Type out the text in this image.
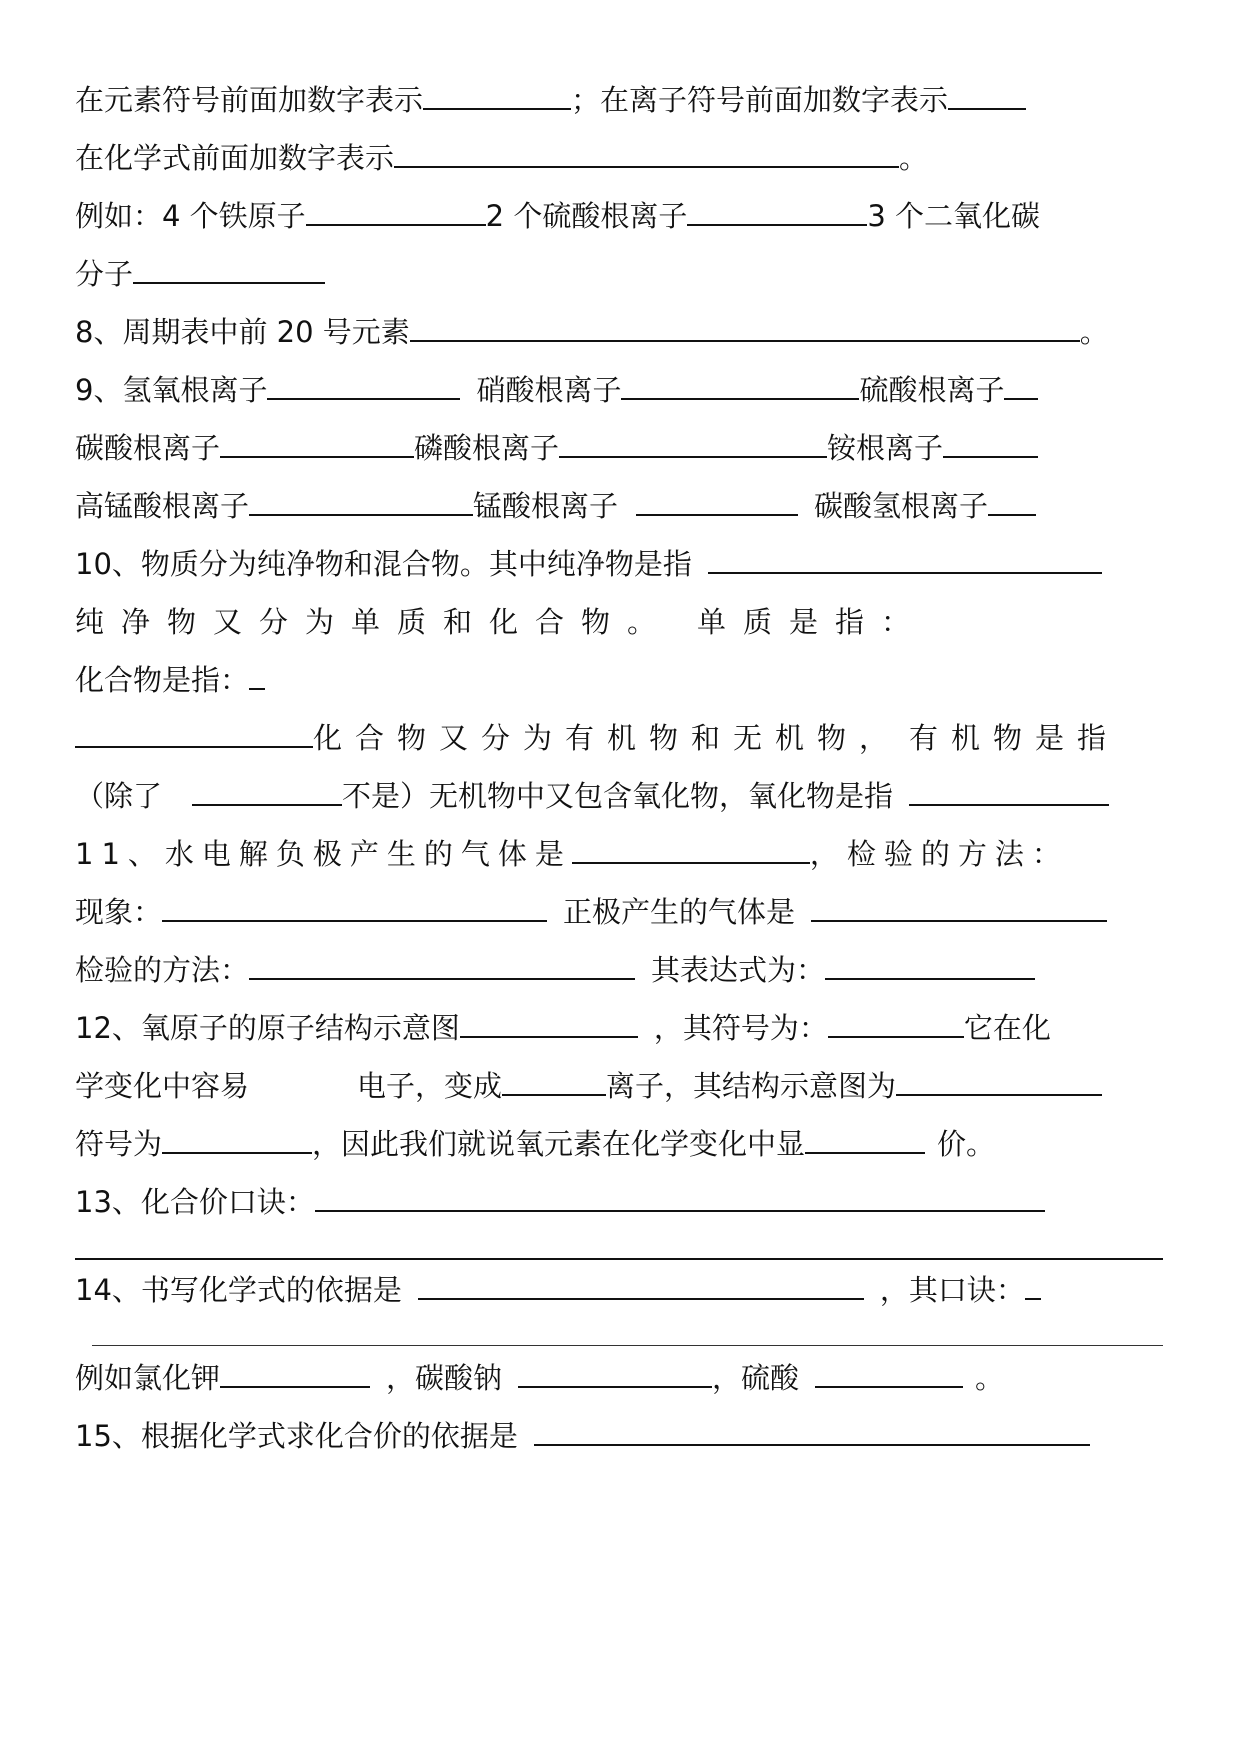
在元素符号前面加数字表示	；在离子符号前面加数字表示
在化学式前面加数字表示	。
例如：4 个铁原子	2 个硫酸根离子	3 个二氧化碳
分子
8、周期表中前 20 号元素	。
9、氢氧根离子	硝酸根离子	硫酸根离子
碳酸根离子	磷酸根离子	铵根离子
高锰酸根离子	锰酸根离子	碳酸氢根离子
10、物质分为纯净物和混合物。其中纯净物是指
纯净物又分为单质和化合物。 单质是指：
化合物是指：
化合物又分为有机物和无机物， 有机物是指
（除了	不是）无机物中又包含氧化物，氧化物是指
11、水电解负极产生的气体是	，检验的方法：
现象：	正极产生的气体是
检验的方法：	其表达式为：
12、氧原子的原子结构示意图	，其符号为：	它在化
学变化中容易	电子，变成	离子，其结构示意图为
符号为	，因此我们就说氧元素在化学变化中显	价。
13、化合价口诀：
14、书写化学式的依据是	，其口诀：
例如氯化钾	，碳酸钠	，硫酸	。
15、根据化学式求化合价的依据是
